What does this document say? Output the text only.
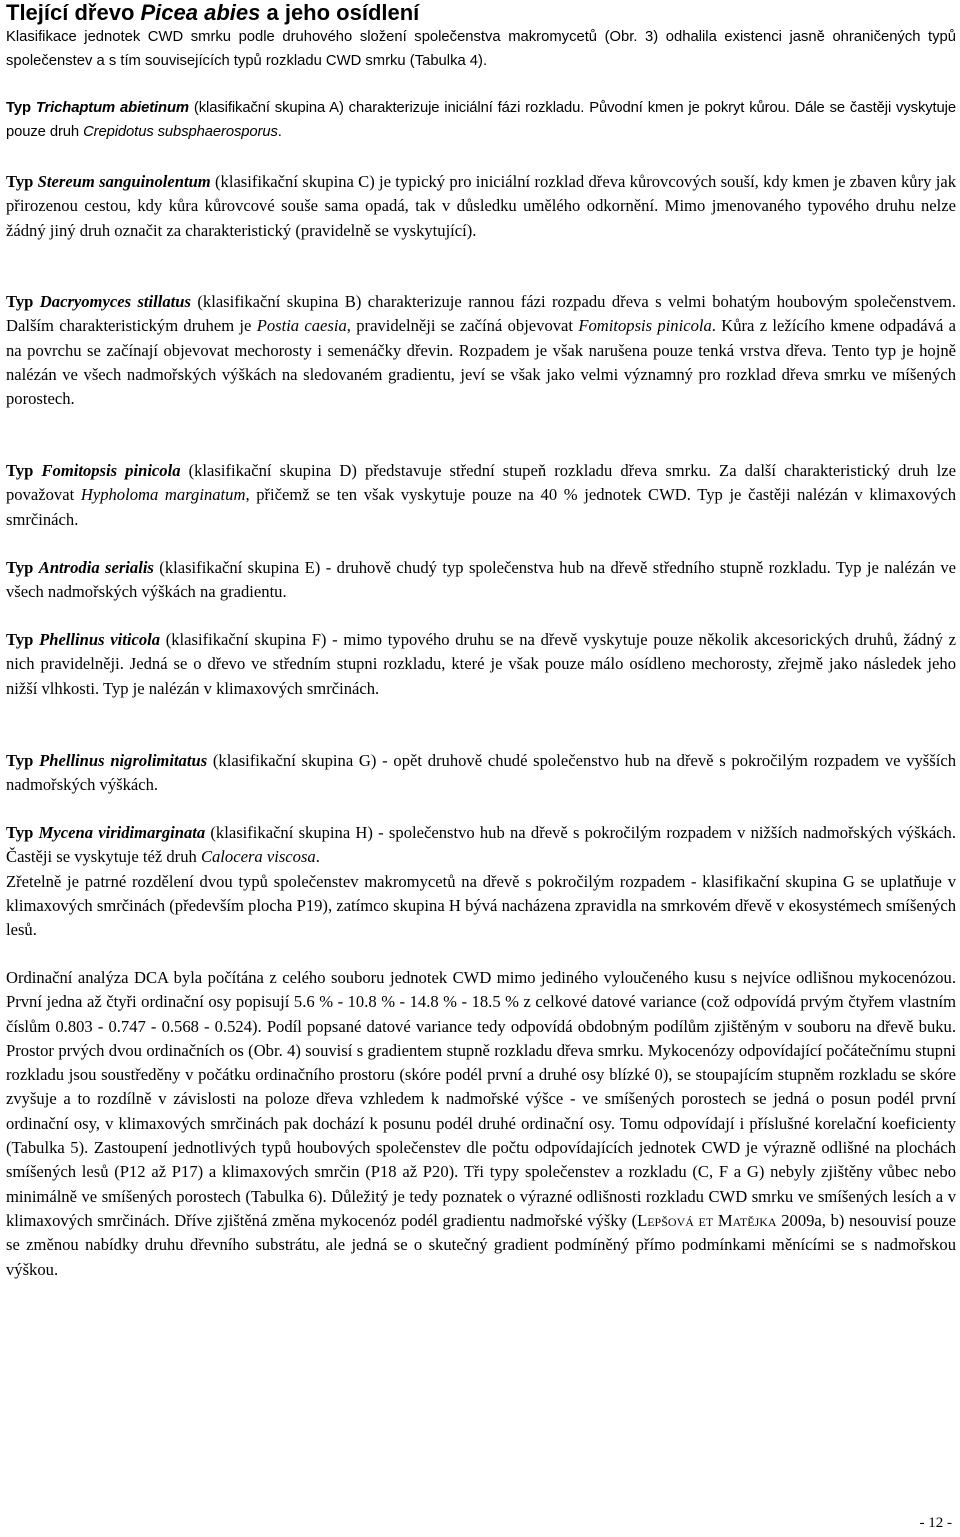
Tlející dřevo Picea abies a jeho osídlení
Klasifikace jednotek CWD smrku podle druhového složení společenstva makromycetů (Obr. 3) odhalila existenci jasně ohraničených typů společenstev a s tím souvisejících typů rozkladu CWD smrku (Tabulka 4).
Typ Trichaptum abietinum (klasifikační skupina A) charakterizuje iniciální fázi rozkladu. Původní kmen je pokryt kůrou. Dále se častěji vyskytuje pouze druh Crepidotus subsphaerosporus.
Typ Stereum sanguinolentum (klasifikační skupina C) je typický pro iniciální rozklad dřeva kůrovcových souší, kdy kmen je zbaven kůry jak přirozenou cestou, kdy kůra kůrovcové souše sama opadá, tak v důsledku umělého odkornění. Mimo jmenovaného typového druhu nelze žádný jiný druh označit za charakteristický (pravidelně se vyskytující).
Typ Dacryomyces stillatus (klasifikační skupina B) charakterizuje rannou fázi rozpadu dřeva s velmi bohatým houbovým společenstvem. Dalším charakteristickým druhem je Postia caesia, pravidelněji se začíná objevovat Fomitopsis pinicola. Kůra z ležícího kmene odpadává a na povrchu se začínají objevovat mechorosty i semenáčky dřevin. Rozpadem je však narušena pouze tenká vrstva dřeva. Tento typ je hojně nalézán ve všech nadmořských výškách na sledovaném gradientu, jeví se však jako velmi významný pro rozklad dřeva smrku ve míšených porostech.
Typ Fomitopsis pinicola (klasifikační skupina D) představuje střední stupeň rozkladu dřeva smrku. Za další charakteristický druh lze považovat Hypholoma marginatum, přičemž se ten však vyskytuje pouze na 40 % jednotek CWD. Typ je častěji nalézán v klimaxových smrčinách.
Typ Antrodia serialis (klasifikační skupina E) - druhově chudý typ společenstva hub na dřevě středního stupně rozkladu. Typ je nalézán ve všech nadmořských výškách na gradientu.
Typ Phellinus viticola (klasifikační skupina F) - mimo typového druhu se na dřevě vyskytuje pouze několik akcesorických druhů, žádný z nich pravidelněji. Jedná se o dřevo ve středním stupni rozkladu, které je však pouze málo osídleno mechorosty, zřejmě jako následek jeho nižší vlhkosti. Typ je nalézán v klimaxových smrčinách.
Typ Phellinus nigrolimitatus (klasifikační skupina G) - opět druhově chudé společenstvo hub na dřevě s pokročilým rozpadem ve vyšších nadmořských výškách.
Typ Mycena viridimarginata (klasifikační skupina H) - společenstvo hub na dřevě s pokročilým rozpadem v nižších nadmořských výškách. Častěji se vyskytuje též druh Calocera viscosa.
Zřetelně je patrné rozdělení dvou typů společenstev makromycetů na dřevě s pokročilým rozpadem - klasifikační skupina G se uplatňuje v klimaxových smrčinách (především plocha P19), zatímco skupina H bývá nacházena zpravidla na smrkovém dřevě v ekosystémech smíšených lesů.
Ordinační analýza DCA byla počítána z celého souboru jednotek CWD mimo jediného vyloučeného kusu s nejvíce odlišnou mykocenózou. První jedna až čtyři ordinační osy popisují 5.6 % - 10.8 % - 14.8 % - 18.5 % z celkové datové variance (což odpovídá prvým čtyřem vlastním číslům 0.803 - 0.747 - 0.568 - 0.524). Podíl popsané datové variance tedy odpovídá obdobným podílům zjištěným v souboru na dřevě buku. Prostor prvých dvou ordinačních os (Obr. 4) souvisí s gradientem stupně rozkladu dřeva smrku. Mykocenózy odpovídající počátečnímu stupni rozkladu jsou soustředěny v počátku ordinačního prostoru (skóre podél první a druhé osy blízké 0), se stoupajícím stupněm rozkladu se skóre zvyšuje a to rozdílně v závislosti na poloze dřeva vzhledem k nadmořské výšce - ve smíšených porostech se jedná o posun podél první ordinační osy, v klimaxových smrčinách pak dochází k posunu podél druhé ordinační osy. Tomu odpovídají i příslušné korelační koeficienty (Tabulka 5). Zastoupení jednotlivých typů houbových společenstev dle počtu odpovídajících jednotek CWD je výrazně odlišné na plochách smíšených lesů (P12 až P17) a klimaxových smrčin (P18 až P20). Tři typy společenstev a rozkladu (C, F a G) nebyly zjištěny vůbec nebo minimálně ve smíšených porostech (Tabulka 6). Důležitý je tedy poznatek o výrazné odlišnosti rozkladu CWD smrku ve smíšených lesích a v klimaxových smrčinách. Dříve zjištěná změna mykocenóz podél gradientu nadmořské výšky (Lepšová et Matějka 2009a, b) nesouvisí pouze se změnou nabídky druhu dřevního substrátu, ale jedná se o skutečný gradient podmíněný přímo podmínkami měnícími se s nadmořskou výškou.
- 12 -
